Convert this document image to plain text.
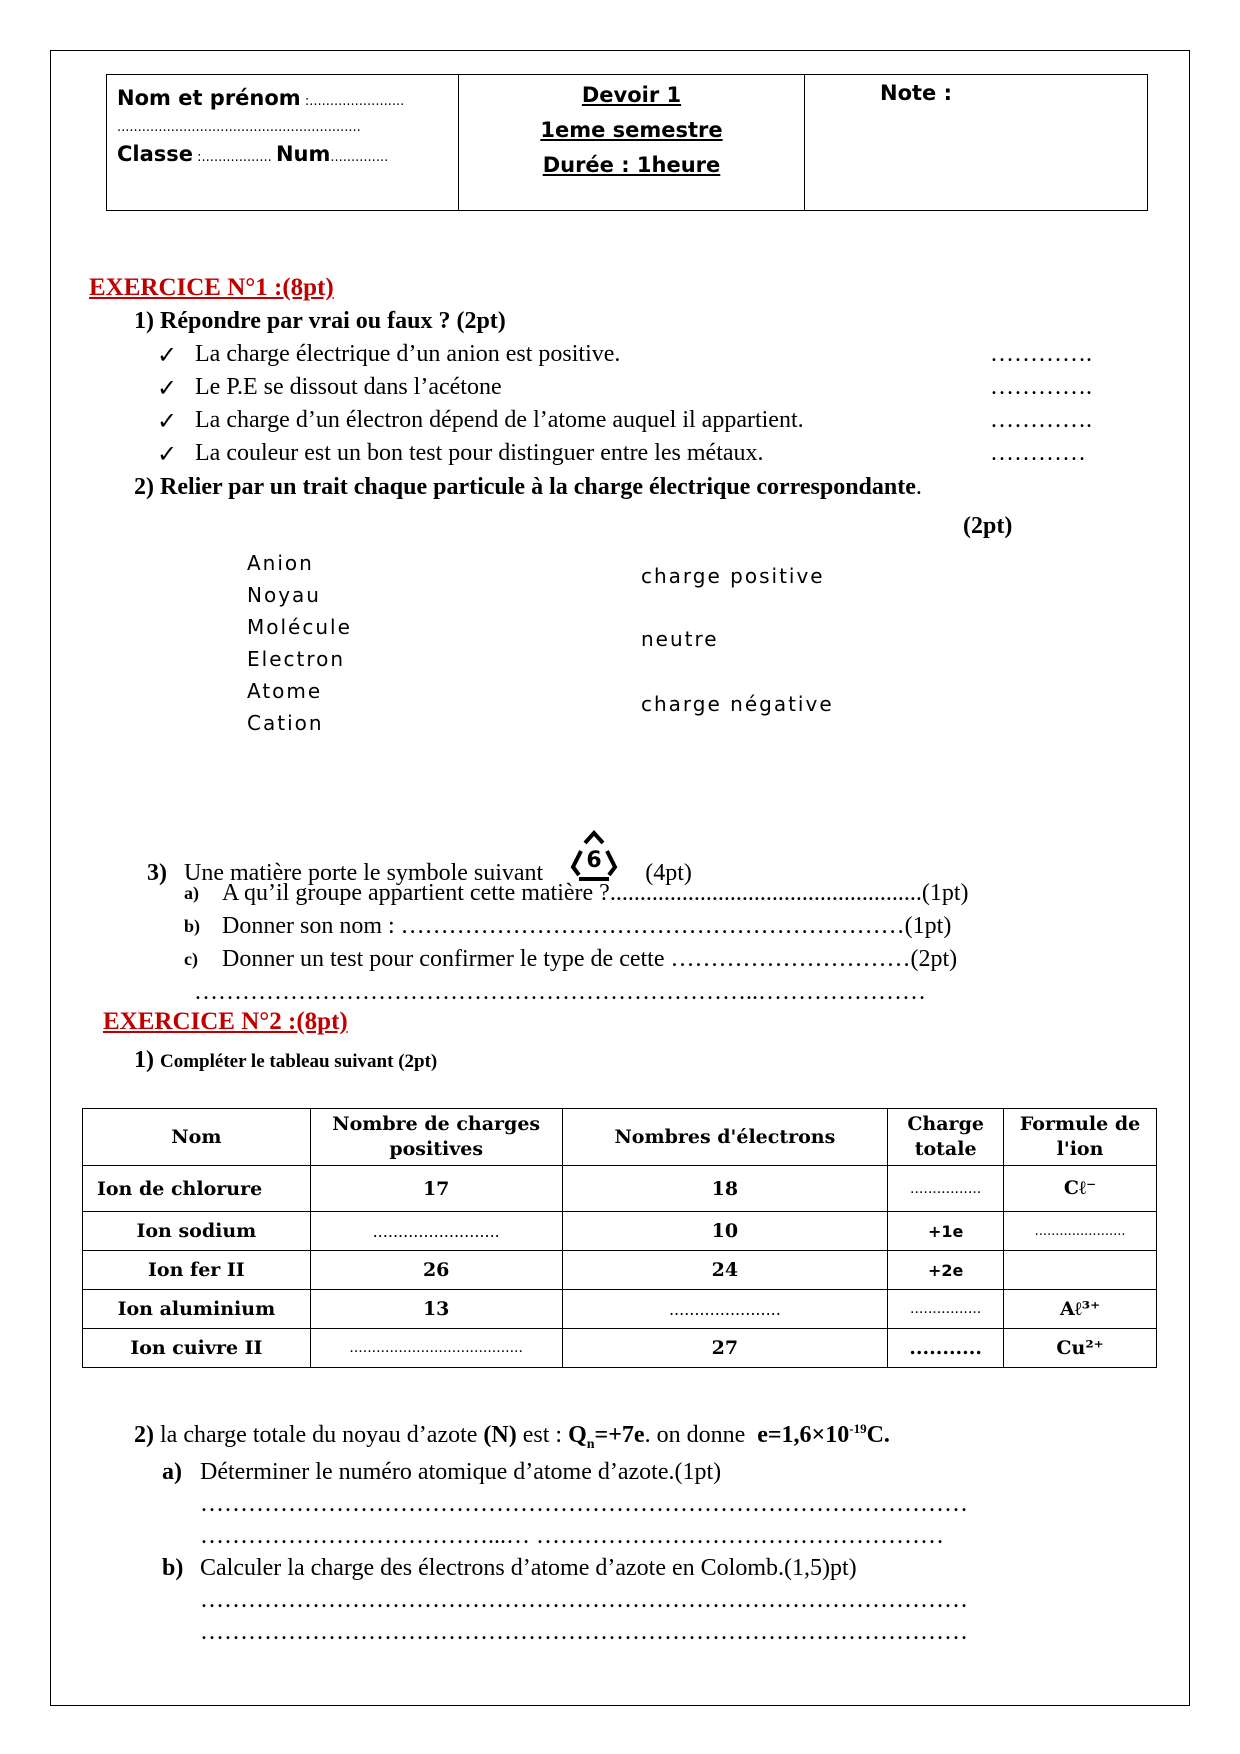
Nom et prénom :.......................
...........................................................
Classe :................. Num..............
Devoir 1
1eme semestre
Durée : 1heure
Note :
EXERCICE N°1 :(8pt)
1) Répondre par vrai ou faux ? (2pt)
✓ La charge électrique d’un anion est positive.	………….
✓ Le P.E se dissout dans l’acétone	………….
✓ La charge d’un électron dépend de l’atome auquel il appartient.	………….
✓ La couleur est un bon test pour distinguer entre les métaux.	…………
2) Relier par un trait chaque particule à la charge électrique correspondante.
(2pt)
Anion
Noyau
Molécule
Electron
Atome
Cation
charge positive
neutre
charge négative
3) Une matière porte le symbole suivant 6 (4pt)
a) A qu’il groupe appartient cette matière ?....................................................(1pt)
b) Donner son nom : ………………………………………………………(1pt)
c)	Donner un test pour confirmer le type de cette …………………………(2pt)
……………………………………………………………..…………………
EXERCICE N°2 :(8pt)
1) Compléter le tableau suivant (2pt)
Nom	Nombre de charges positives	Nombres d'électrons	Charge totale	Formule de l'ion
Ion de chlorure	17	18	................	Cℓ⁻
Ion sodium	.........................	10	+1e	......................
Ion fer II	26	24	+2e	
Ion aluminium	13	......................	................	Aℓ³⁺
Ion cuivre II	.......................................	27	...........	Cu²⁺
2) la charge totale du noyau d’azote (N) est : $Q_n=+7e$. on donne $e=1,6\times 10^{-19}C$.
a) Déterminer le numéro atomique d’atome d’azote.(1pt)
……………………………………………………………………………………
………………………………...… ……………………………………………
b) Calculer la charge des électrons d’atome d’azote en Colomb.(1,5)pt)
……………………………………………………………………………………
……………………………………………………………………………………
